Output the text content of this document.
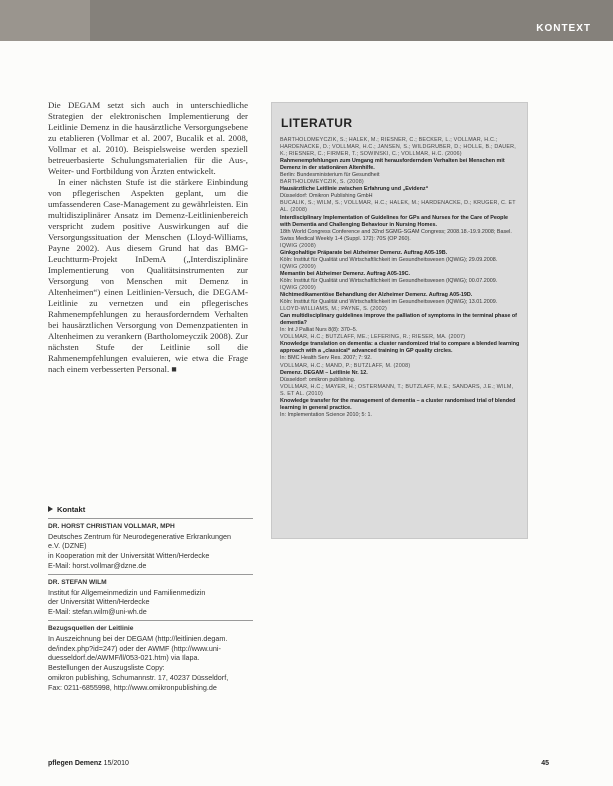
KONTEXT

Die DEGAM setzt sich auch in unterschiedliche Strategien der elektronischen Implementierung der Leitlinie Demenz in die hausärztliche Versorgungsebene zu etablieren (Vollmar et al. 2007, Bucalik et al. 2008, Vollmar et al. 2010). Beispielsweise werden speziell betreuerbasierte Schulungsmaterialien für die Aus-, Weiter- und Fortbildung von Ärzten entwickelt.

In einer nächsten Stufe ist die stärkere Einbindung von pflegerischen Aspekten geplant, um die umfassenderen Case-Management zu gewährleisten. Ein multidisziplinärer Ansatz im Demenz-Leitlinienbereich verspricht zudem positive Auswirkungen auf die Versorgungssituation der Menschen (Lloyd-Williams, Payne 2002). Aus diesem Grund hat das BMG-Leuchtturm-Projekt InDemA („Interdisziplinäre Implementierung von Qualitätsinstrumenten zur Versorgung von Menschen mit Demenz in Altenheimen“) einen Leitlinien-Versuch, die DEGAM-Leitlinie zu vernetzen und ein pflegerisches Rahmenempfehlungen zu herausforderndem Verhalten bei hausärztlichen Versorgung von Demenzpatienten in Altenheimen zu verankern (Bartholomeyczik 2008). Zur nächsten Stufe der Leitlinie soll die Rahmenempfehlungen evaluieren, wie etwa die Frage nach einem verbesserten Personal. ■

Kontakt
DR. HORST CHRISTIAN VOLLMAR, MPH
Deutsches Zentrum für Neurodegenerative Erkrankungen
e.V. (DZNE)
in Kooperation mit der Universität Witten/Herdecke
E-Mail: horst.vollmar@dzne.de
DR. STEFAN WILM
Institut für Allgemeinmedizin und Familienmedizin
der Universität Witten/Herdecke
E-Mail: stefan.wilm@uni-wh.de
Bezugsquellen der Leitlinie
In Auszeichnung bei der DEGAM (http://leitlinien.degam.
de/index.php?id=247) oder der AWMF (http://www.uni-
duesseldorf.de/AWMF/ll/053-021.htm) via Ilapa.
Bestellungen der Auszugsliste Copy:
omikron publishing, Schumannstr. 17, 40237 Düsseldorf,
Fax: 0211-6855998, http://www.omikronpublishing.de
LITERATUR
BARTHOLOMEYCZIK, S.; HALEK, M.; RIESNER, C.; BECKER, L.; VOLLMAR, H.C.; HARDENACKE, D.; VOLLMAR, H.C.; JANSEN, S.; WILDGRUBER, D.; HOLLE, B.; DAUER, K.; RIESNER, C.; FIRMER, T.; SOWINSKI, C.; VOLLMAR, H.C. (2006)
Rahmenempfehlungen zum Umgang mit herausforderndem Verhalten bei Menschen mit Demenz in der stationären Altenhilfe.
Berlin: Bundesministerium für Gesundheit
BARTHOLOMEYCZIK, S. (2008)
Hausärztliche Leitlinie zwischen Erfahrung und „Evidenz“
Düsseldorf: Omikron Publishing GmbH
BUCALIK, S.; WILM, S.; VOLLMAR, H.C.; HALEK, M.; HARDENACKE, D.; KRUGER, C. ET AL. (2008)
Interdisciplinary Implementation of Guidelines for GPs and Nurses for the Care of People with Dementia and Challenging Behaviour in Nursing Homes.
18th World Congress Conference and 32nd SGMG-SGAM Congress; 2008.18.-19.9.2008; Basel. Swiss Medical Weekly 1-4 (Suppl. 172): 70S (OP 260).
IQWIG (2008)
Ginkgohaltige Präparate bei Alzheimer Demenz. Auftrag A05-19B.
Köln: Institut für Qualität und Wirtschaftlichkeit im Gesundheitswesen (IQWiG); 29.09.2008.
IQWIG (2009)
Memantin bei Alzheimer Demenz. Auftrag A05-19C.
Köln: Institut für Qualität und Wirtschaftlichkeit im Gesundheitswesen (IQWiG); 00.07.2009.
IQWIG (2009)
Nichtmedikamentöse Behandlung der Alzheimer Demenz. Auftrag A05-19D.
Köln: Institut für Qualität und Wirtschaftlichkeit im Gesundheitswesen (IQWiG); 13.01.2009.
LLOYD-WILLIAMS, M.; PAYNE, S. (2002)
Can multidisciplinary guidelines improve the palliation of symptoms in the terminal phase of dementia?
In: Int J Palliat Nurs 8(8): 370–5.
VOLLMAR, H.C.; BUTZLAFF, ME.; LEFERING, R.; RIESER, MA. (2007)
Knowledge translation on dementia: a cluster randomized trial to compare a blended learning approach with a „classical“ advanced training in GP quality circles.
In: BMC Health Serv Res. 2007; 7: 92.
VOLLMAR, H.C.; MAND, P.; BUTZLAFF, M. (2008)
Demenz. DEGAM – Leitlinie Nr. 12.
Düsseldorf: omikron publishing.
VOLLMAR, H.C.; MAYER, H.; OSTERMANN, T.; BUTZLAFF, M.E.; SANDARS, J.E.; WILM, S. ET AL. (2010)
Knowledge transfer for the management of dementia – a cluster randomised trial of blended learning in general practice.
In: Implementation Science 2010; 5: 1.
pflegen Demenz 15/2010	45
